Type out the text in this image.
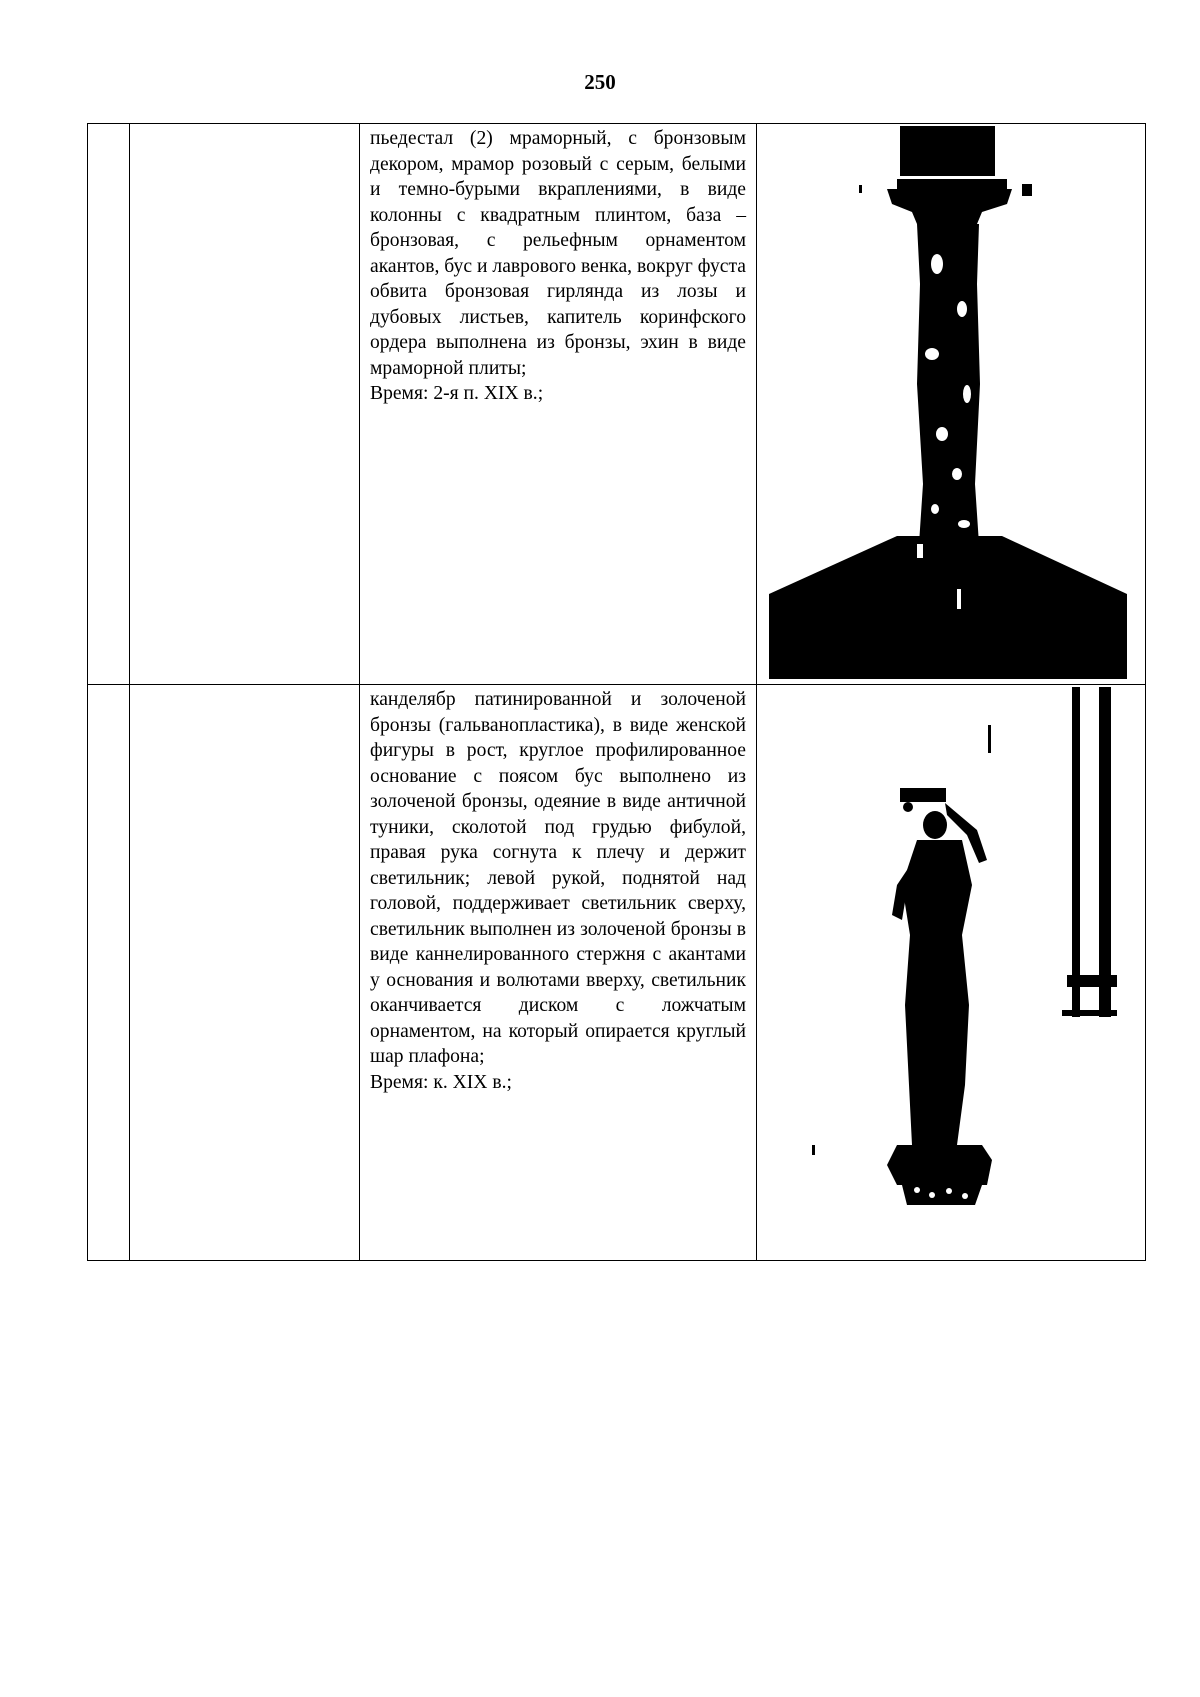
250

		пьедестал (2) мраморный, с бронзовым декором, мрамор розовый с серым, белыми и темно-бурыми вкраплениями, в виде колонны с квадратным плинтом, база –бронзовая, с рельефным орнаментом акантов, бус и лаврового венка, вокруг фуста обвита бронзовая гирлянда из лозы и дубовых листьев, капитель коринфского ордера выполнена из бронзы, эхин в виде мраморной плиты;

Время: 2-я п. XIX в.;

		канделябр патинированной и золоченой бронзы (гальванопластика), в виде женской фигуры в рост, круглое профилированное основание с поясом бус выполнено из золоченой бронзы, одеяние в виде античной туники, сколотой под грудью фибулой, правая рука согнута к плечу и держит светильник; левой рукой, поднятой над головой, поддерживает светильник сверху, светильник выполнен из золоченой бронзы в виде каннелированного стержня с акантами у основания и волютами вверху, светильник оканчивается диском с ложчатым орнаментом, на который опирается круглый шар плафона;

Время: к. XIX в.;
